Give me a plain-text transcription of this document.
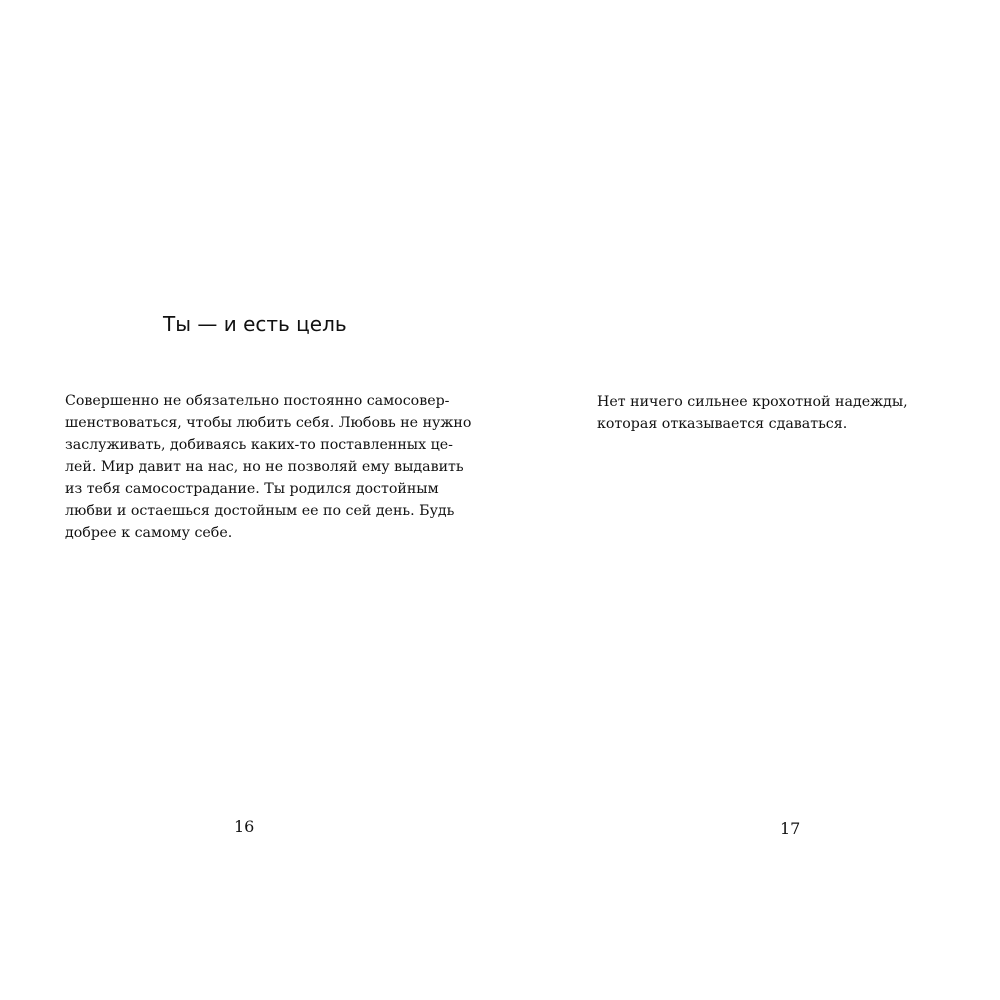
Ты — и есть цель
Совершенно не обязательно постоянно самосовер-
шенствоваться, чтобы любить себя. Любовь не нужно
заслуживать, добиваясь каких-то поставленных це-
лей. Мир давит на нас, но не позволяй ему выдавить
из тебя самосострадание. Ты родился достойным
любви и остаешься достойным ее по сей день. Будь
добрее к самому себе.

16

Нет ничего сильнее крохотной надежды,
которая отказывается сдаваться.

17
